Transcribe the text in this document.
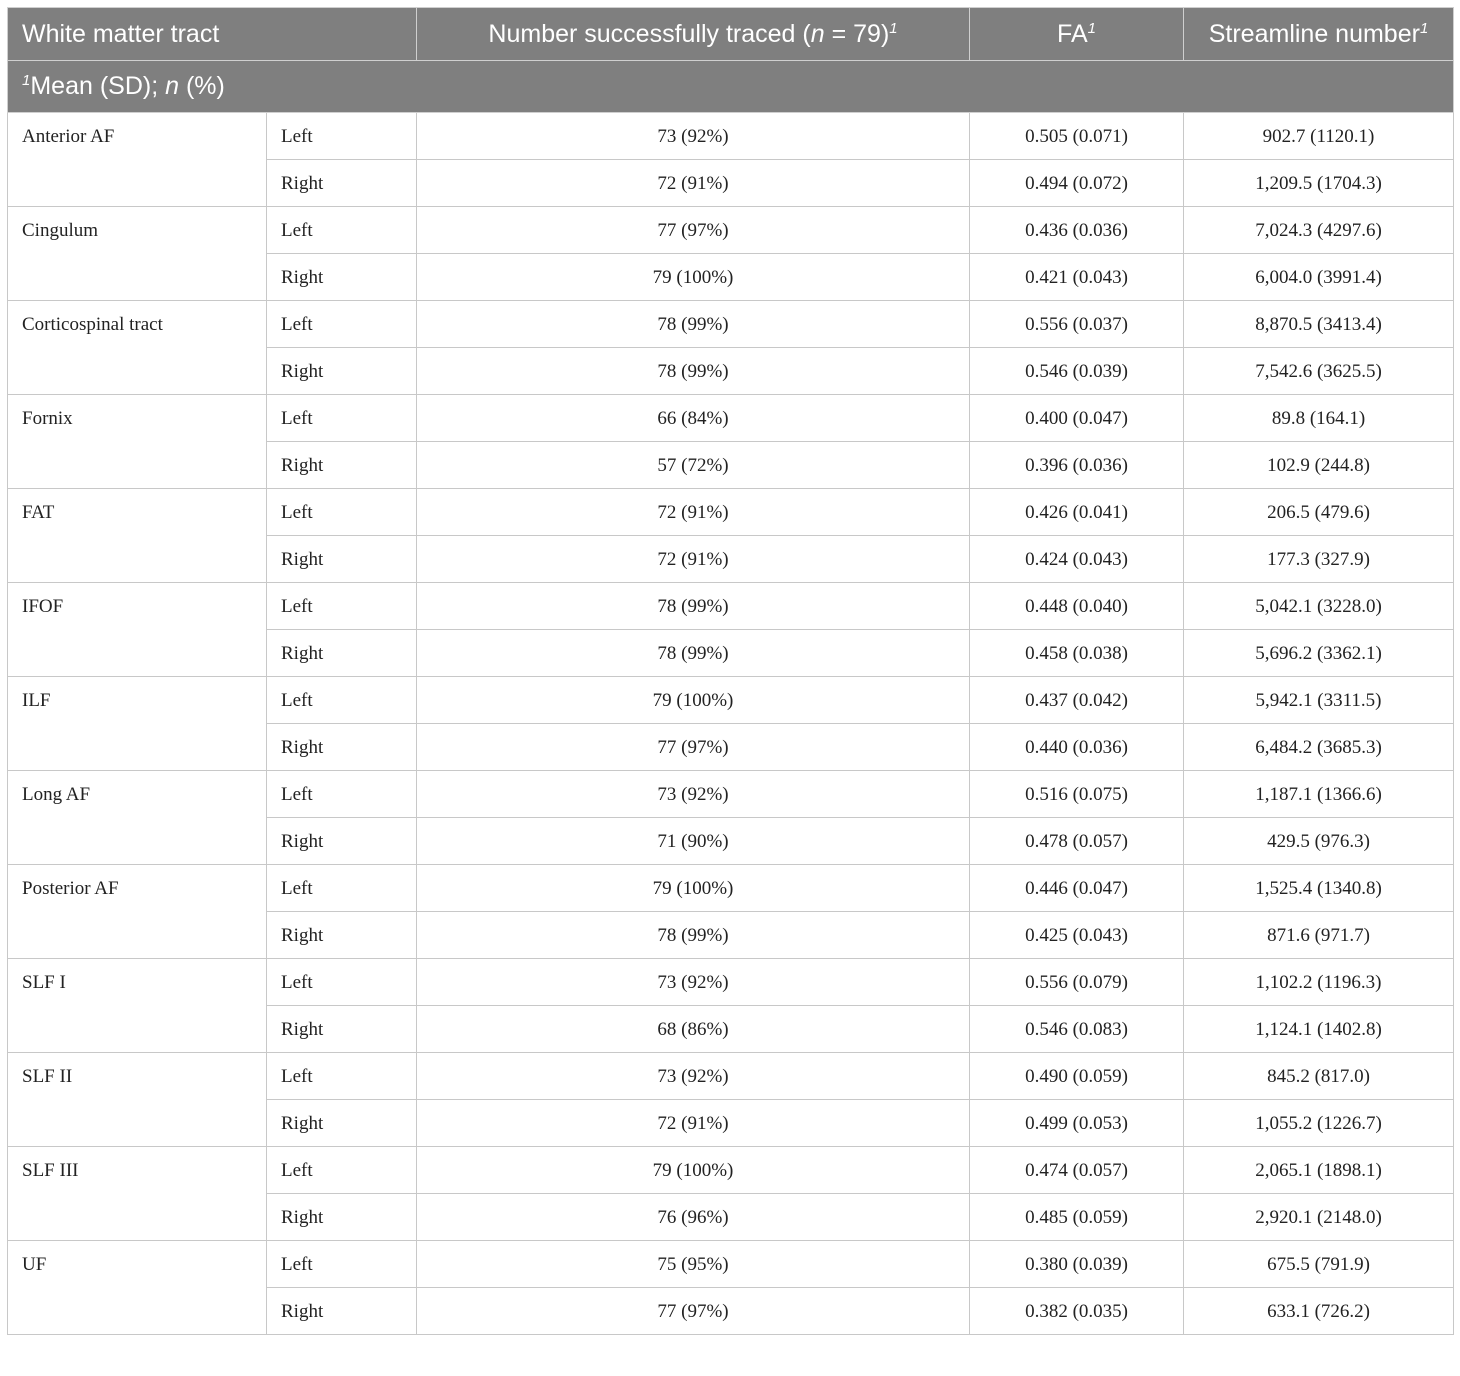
White matter tract		Number successfully traced (n = 79)$^1$	$FA^1$	Streamline number$^1$
$^1$Mean (SD); n (%)				
Anterior AF	Left	73 (92%)	0.505 (0.071)	902.7 (1120.1)
	Right	72 (91%)	0.494 (0.072)	1,209.5 (1704.3)
Cingulum	Left	77 (97%)	0.436 (0.036)	7,024.3 (4297.6)
	Right	79 (100%)	0.421 (0.043)	6,004.0 (3991.4)
Corticospinal tract	Left	78 (99%)	0.556 (0.037)	8,870.5 (3413.4)
	Right	78 (99%)	0.546 (0.039)	7,542.6 (3625.5)
Fornix	Left	66 (84%)	0.400 (0.047)	89.8 (164.1)
	Right	57 (72%)	0.396 (0.036)	102.9 (244.8)
FAT	Left	72 (91%)	0.426 (0.041)	206.5 (479.6)
	Right	72 (91%)	0.424 (0.043)	177.3 (327.9)
IFOF	Left	78 (99%)	0.448 (0.040)	5,042.1 (3228.0)
	Right	78 (99%)	0.458 (0.038)	5,696.2 (3362.1)
ILF	Left	79 (100%)	0.437 (0.042)	5,942.1 (3311.5)
	Right	77 (97%)	0.440 (0.036)	6,484.2 (3685.3)
Long AF	Left	73 (92%)	0.516 (0.075)	1,187.1 (1366.6)
	Right	71 (90%)	0.478 (0.057)	429.5 (976.3)
Posterior AF	Left	79 (100%)	0.446 (0.047)	1,525.4 (1340.8)
	Right	78 (99%)	0.425 (0.043)	871.6 (971.7)
SLF I	Left	73 (92%)	0.556 (0.079)	1,102.2 (1196.3)
	Right	68 (86%)	0.546 (0.083)	1,124.1 (1402.8)
SLF II	Left	73 (92%)	0.490 (0.059)	845.2 (817.0)
	Right	72 (91%)	0.499 (0.053)	1,055.2 (1226.7)
SLF III	Left	79 (100%)	0.474 (0.057)	2,065.1 (1898.1)
	Right	76 (96%)	0.485 (0.059)	2,920.1 (2148.0)
UF	Left	75 (95%)	0.380 (0.039)	675.5 (791.9)
	Right	77 (97%)	0.382 (0.035)	633.1 (726.2)
